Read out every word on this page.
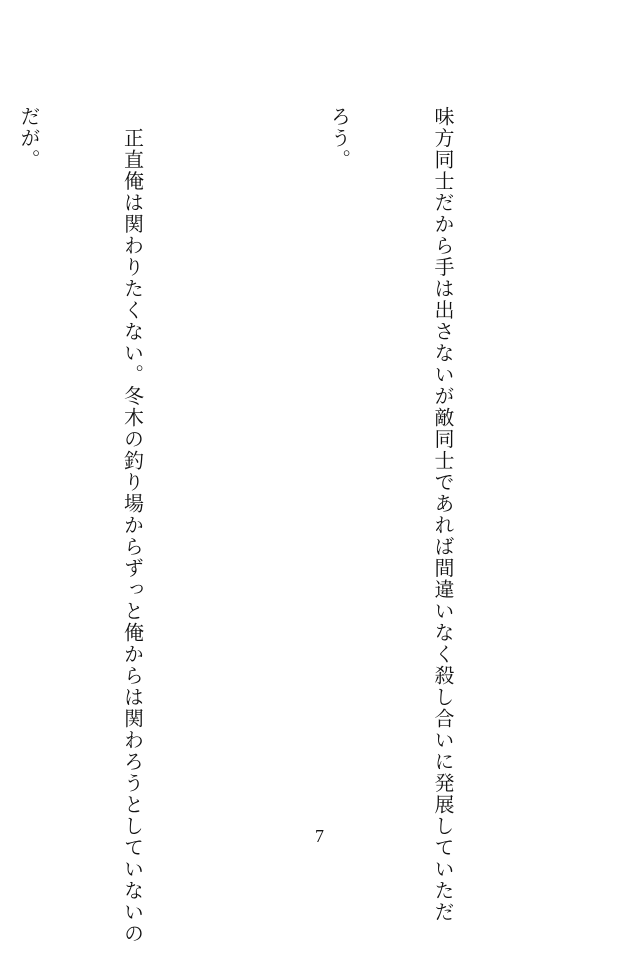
味方同士だから手は出さないが敵同士であれば間違いなく殺し合いに発展していただ

ろう。

　正直俺は関わりたくない。冬木の釣り場からずっと俺からは関わろうとしていないの

だが。

7
